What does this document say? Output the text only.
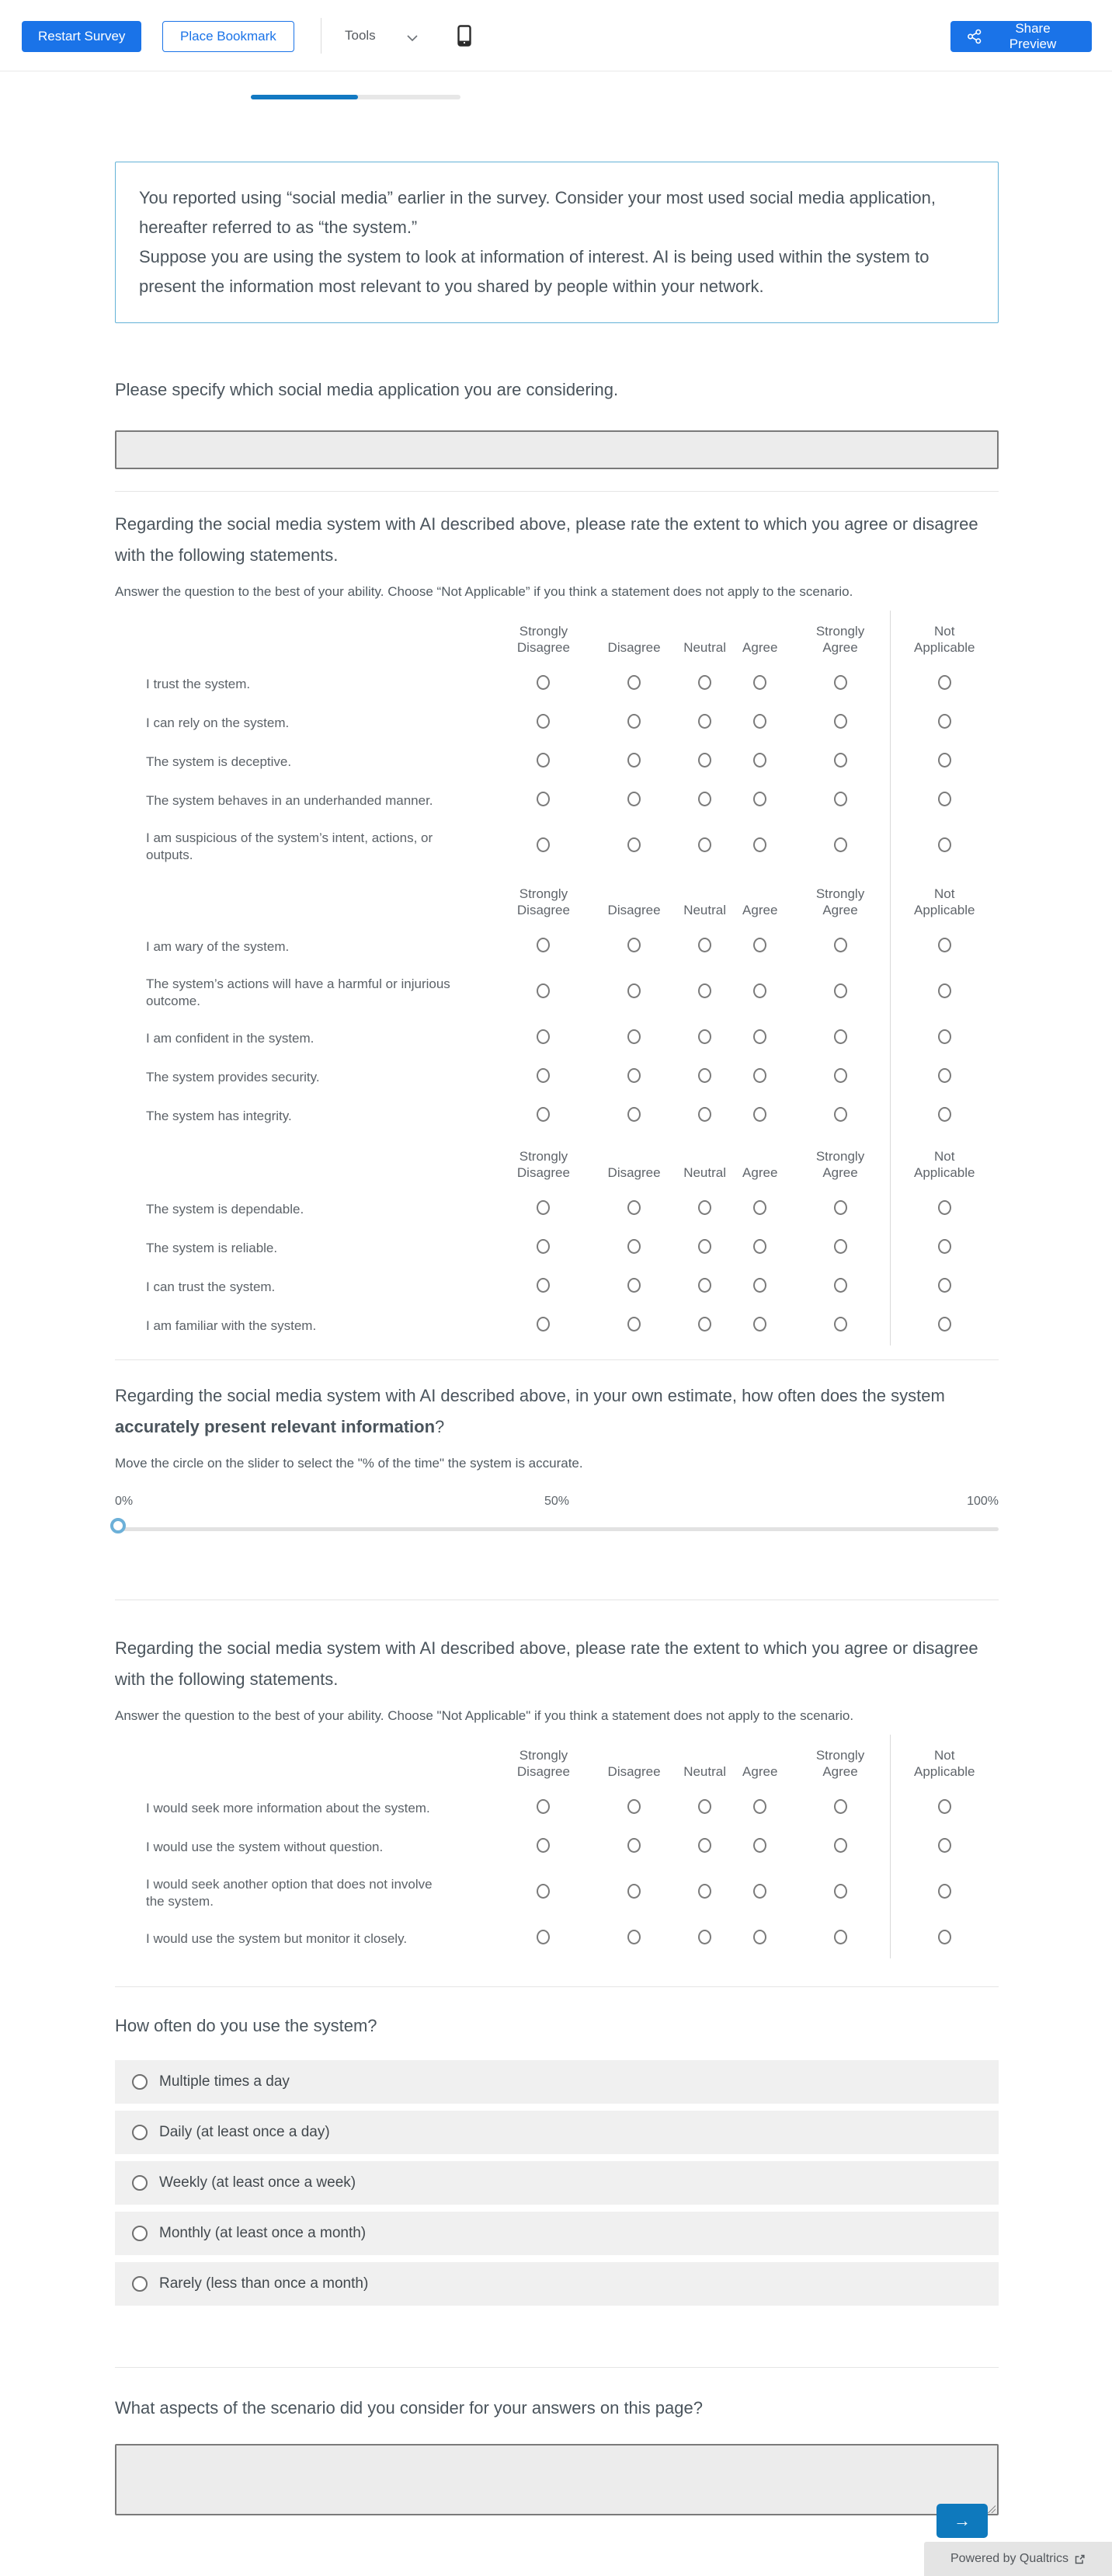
Restart Survey	Place Bookmark	Tools	Share Preview

You reported using “social media” earlier in the survey. Consider your most used social media application, hereafter referred to as “the system.”

Suppose you are using the system to look at information of interest. AI is being used within the system to present the information most relevant to you shared by people within your network.

Please specify which social media application you are considering.

Regarding the social media system with AI described above, please rate the extent to which you agree or disagree with the following statements.

Answer the question to the best of your ability. Choose “Not Applicable” if you think a statement does not apply to the scenario.

	Strongly Disagree	Disagree	Neutral	Agree	Strongly Agree	Not Applicable
I trust the system.						
I can rely on the system.						
The system is deceptive.						
The system behaves in an underhanded manner.						
I am suspicious of the system’s intent, actions, or outputs.						
	Strongly Disagree	Disagree	Neutral	Agree	Strongly Agree	Not Applicable
I am wary of the system.						
The system’s actions will have a harmful or injurious outcome.						
I am confident in the system.						
The system provides security.						
The system has integrity.						
	Strongly Disagree	Disagree	Neutral	Agree	Strongly Agree	Not Applicable
The system is dependable.						
The system is reliable.						
I can trust the system.						
I am familiar with the system.						

Regarding the social media system with AI described above, in your own estimate, how often does the system accurately present relevant information?

Move the circle on the slider to select the "% of the time" the system is accurate.

0%	50%	100%

Regarding the social media system with AI described above, please rate the extent to which you agree or disagree with the following statements.

Answer the question to the best of your ability. Choose "Not Applicable" if you think a statement does not apply to the scenario.

	Strongly Disagree	Disagree	Neutral	Agree	Strongly Agree	Not Applicable
I would seek more information about the system.						
I would use the system without question.						
I would seek another option that does not involve the system.						
I would use the system but monitor it closely.						

How often do you use the system?

Multiple times a day
Daily (at least once a day)
Weekly (at least once a week)
Monthly (at least once a month)
Rarely (less than once a month)

What aspects of the scenario did you consider for your answers on this page?

→
Powered by Qualtrics
